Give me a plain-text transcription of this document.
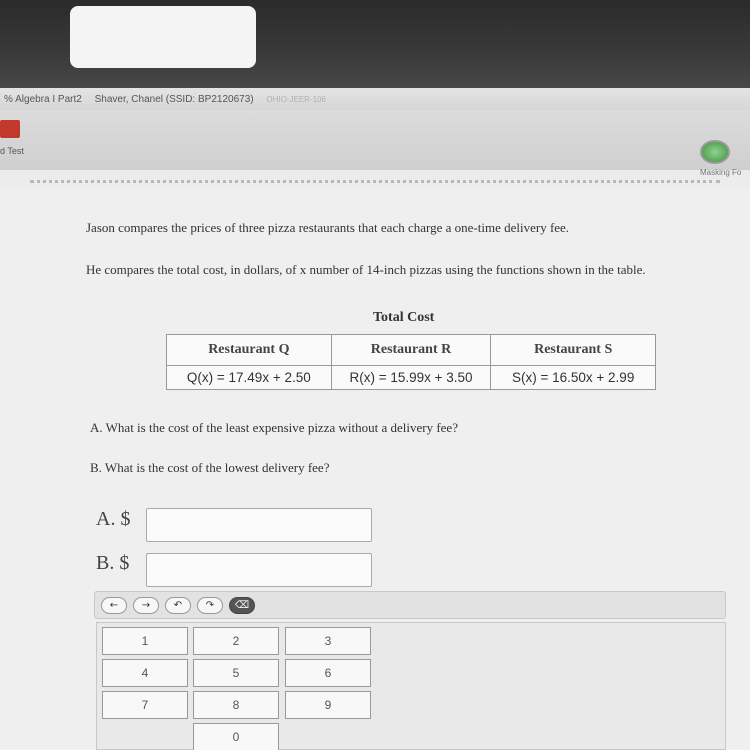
% Algebra I Part2 Shaver, Chanel (SSID: BP2120673) OHIO-JEER-106
d Test
Masking Fo
Jason compares the prices of three pizza restaurants that each charge a one-time delivery fee.
He compares the total cost, in dollars, of x number of 14-inch pizzas using the functions shown in the table.
Total Cost
Restaurant Q	Restaurant R	Restaurant S
Q(x) = 17.49x + 2.50	R(x) = 15.99x + 3.50	S(x) = 16.50x + 2.99
A. What is the cost of the least expensive pizza without a delivery fee?
B. What is the cost of the lowest delivery fee?
A. $
B. $
←	→	↶	↷	⌫
1	2	3
4	5	6
7	8	9
0
